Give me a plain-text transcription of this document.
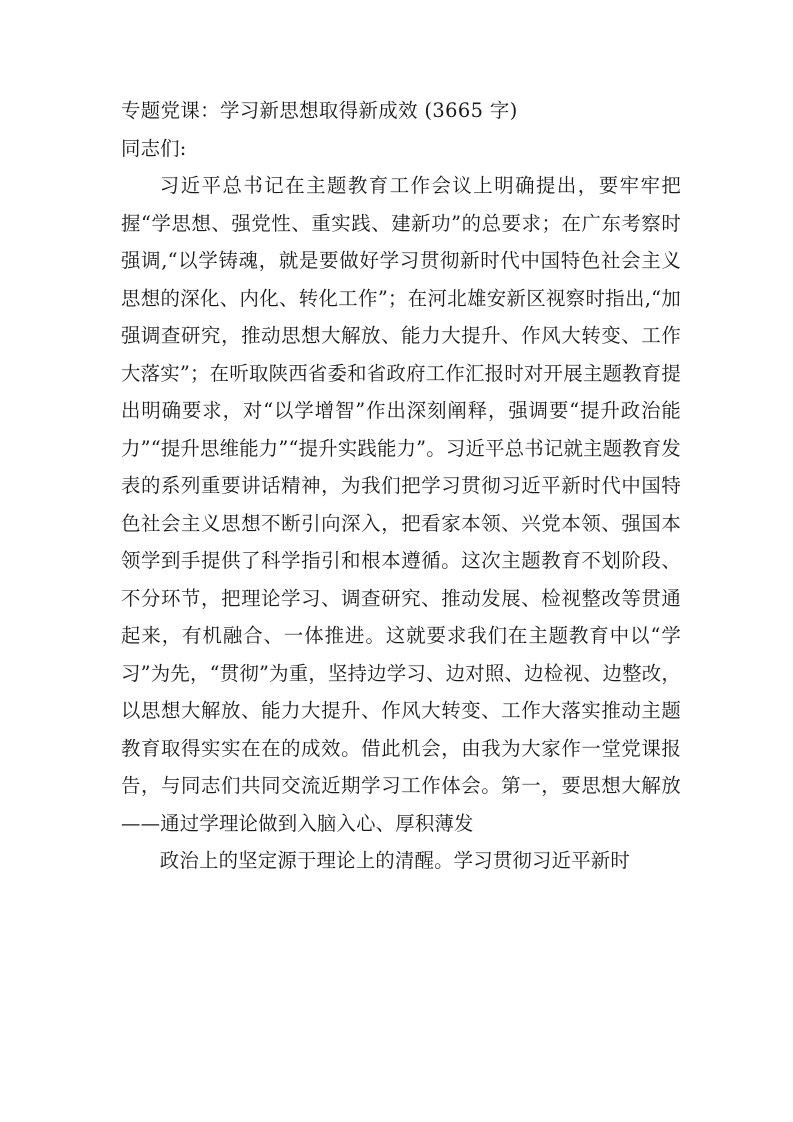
专题党课：学习新思想取得新成效 (3665 字)

同志们:

习近平总书记在主题教育工作会议上明确提出，要牢牢把握“学思想、强党性、重实践、建新功”的总要求；在广东考察时强调,“以学铸魂，就是要做好学习贯彻新时代中国特色社会主义思想的深化、内化、转化工作”；在河北雄安新区视察时指出,“加强调查研究，推动思想大解放、能力大提升、作风大转变、工作大落实”；在听取陕西省委和省政府工作汇报时对开展主题教育提出明确要求，对“以学增智”作出深刻阐释，强调要“提升政治能力”“提升思维能力”“提升实践能力”。习近平总书记就主题教育发表的系列重要讲话精神，为我们把学习贯彻习近平新时代中国特色社会主义思想不断引向深入，把看家本领、兴党本领、强国本领学到手提供了科学指引和根本遵循。这次主题教育不划阶段、不分环节，把理论学习、调查研究、推动发展、检视整改等贯通起来，有机融合、一体推进。这就要求我们在主题教育中以“学习”为先，“贯彻”为重，坚持边学习、边对照、边检视、边整改，以思想大解放、能力大提升、作风大转变、工作大落实推动主题教育取得实实在在的成效。借此机会，由我为大家作一堂党课报告，与同志们共同交流近期学习工作体会。第一，要思想大解放——通过学理论做到入脑入心、厚积薄发

政治上的坚定源于理论上的清醒。学习贯彻习近平新时
